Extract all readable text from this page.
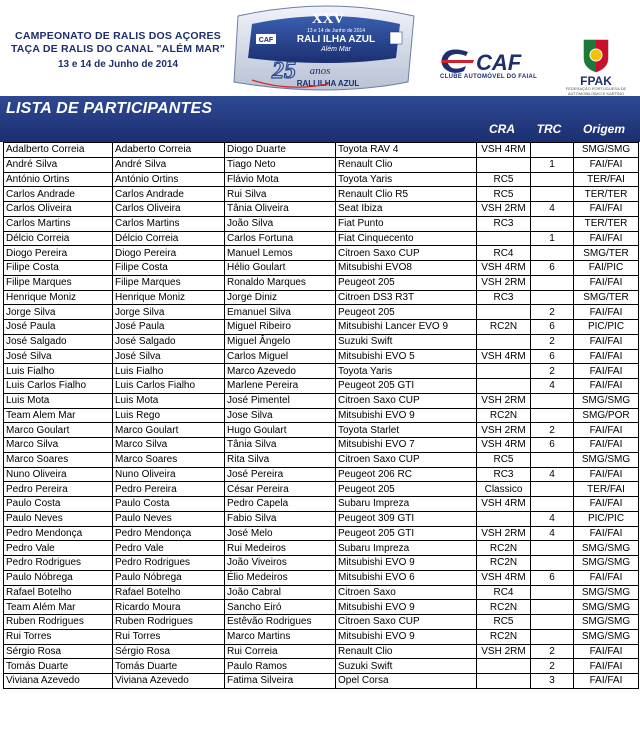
CAMPEONATO DE RALIS DOS AÇORES
TAÇA DE RALIS DO CANAL "ALÉM MAR"
13 e 14 de Junho de 2014
XXV
13 e 14 de Junho de 2014
RALI ILHA AZUL
Além Mar
25 anos
RALI ILHA AZUL
CAF
CAF
CLUBE AUTOMÓVEL DO FAIAL	FPAK
FEDERAÇÃO PORTUGUESA DE AUTOMOBILISMO E KARTING
LISTA DE PARTICIPANTES
CRA	TRC	Origem
Adalberto Correia	Adaberto Correia	Diogo Duarte	Toyota RAV 4	VSH 4RM		SMG/SMG
André Silva	André Silva	Tiago Neto	Renault Clio		1	FAI/FAI
António Ortins	António Ortins	Flávio Mota	Toyota Yaris	RC5		TER/FAI
Carlos Andrade	Carlos Andrade	Rui Silva	Renault Clio R5	RC5		TER/TER
Carlos Oliveira	Carlos Oliveira	Tânia Oliveira	Seat Ibiza	VSH 2RM	4	FAI/FAI
Carlos Martins	Carlos Martins	João Silva	Fiat Punto	RC3		TER/TER
Délcio Correia	Délcio Correia	Carlos Fortuna	Fiat Cinquecento		1	FAI/FAI
Diogo Pereira	Diogo Pereira	Manuel Lemos	Citroen Saxo CUP	RC4		SMG/TER
Filipe Costa	Filipe Costa	Hélio Goulart	Mitsubishi EVO8	VSH 4RM	6	FAI/PIC
Filipe Marques	Filipe Marques	Ronaldo Marques	Peugeot 205	VSH 2RM		FAI/FAI
Henrique Moniz	Henrique Moniz	Jorge Diniz	Citroen DS3 R3T	RC3		SMG/TER
Jorge Silva	Jorge Silva	Emanuel Silva	Peugeot 205		2	FAI/FAI
José Paula	José Paula	Miguel Ribeiro	Mitsubishi Lancer EVO 9	RC2N	6	PIC/PIC
José Salgado	José Salgado	Miguel Ângelo	Suzuki Swift		2	FAI/FAI
José Silva	José Silva	Carlos Miguel	Mitsubishi EVO 5	VSH 4RM	6	FAI/FAI
Luis Fialho	Luis Fialho	Marco Azevedo	Toyota Yaris		2	FAI/FAI
Luis Carlos Fialho	Luis Carlos Fialho	Marlene Pereira	Peugeot 205 GTI		4	FAI/FAI
Luis Mota	Luis Mota	José Pimentel	Citroen Saxo CUP	VSH 2RM		SMG/SMG
Team Alem Mar	Luis Rego	Jose Silva	Mitsubishi EVO 9	RC2N		SMG/POR
Marco Goulart	Marco Goulart	Hugo Goulart	Toyota Starlet	VSH 2RM	2	FAI/FAI
Marco Silva	Marco Silva	Tânia Silva	Mitsubishi EVO 7	VSH 4RM	6	FAI/FAI
Marco Soares	Marco Soares	Rita Silva	Citroen Saxo CUP	RC5		SMG/SMG
Nuno Oliveira	Nuno Oliveira	José Pereira	Peugeot 206 RC	RC3	4	FAI/FAI
Pedro Pereira	Pedro Pereira	César Pereira	Peugeot 205	Classico		TER/FAI
Paulo Costa	Paulo Costa	Pedro Capela	Subaru Impreza	VSH 4RM		FAI/FAI
Paulo Neves	Paulo Neves	Fabio Silva	Peugeot 309 GTI		4	PIC/PIC
Pedro Mendonça	Pedro Mendonça	José Melo	Peugeot 205 GTI	VSH 2RM	4	FAI/FAI
Pedro Vale	Pedro Vale	Rui Medeiros	Subaru Impreza	RC2N		SMG/SMG
Pedro Rodrigues	Pedro Rodrigues	João Viveiros	Mitsubishi EVO 9	RC2N		SMG/SMG
Paulo Nóbrega	Paulo Nóbrega	Élio Medeiros	Mitsubishi EVO 6	VSH 4RM	6	FAI/FAI
Rafael Botelho	Rafael Botelho	João Cabral	Citroen Saxo	RC4		SMG/SMG
Team Além Mar	Ricardo Moura	Sancho Eiró	Mitsubishi EVO 9	RC2N		SMG/SMG
Ruben Rodrigues	Ruben Rodrigues	Estêvão Rodrigues	Citroen Saxo CUP	RC5		SMG/SMG
Rui Torres	Rui Torres	Marco Martins	Mitsubishi EVO 9	RC2N		SMG/SMG
Sérgio Rosa	Sérgio Rosa	Rui Correia	Renault Clio	VSH 2RM	2	FAI/FAI
Tomás Duarte	Tomás Duarte	Paulo Ramos	Suzuki Swift		2	FAI/FAI
Viviana Azevedo	Viviana Azevedo	Fatima Silveira	Opel Corsa		3	FAI/FAI
